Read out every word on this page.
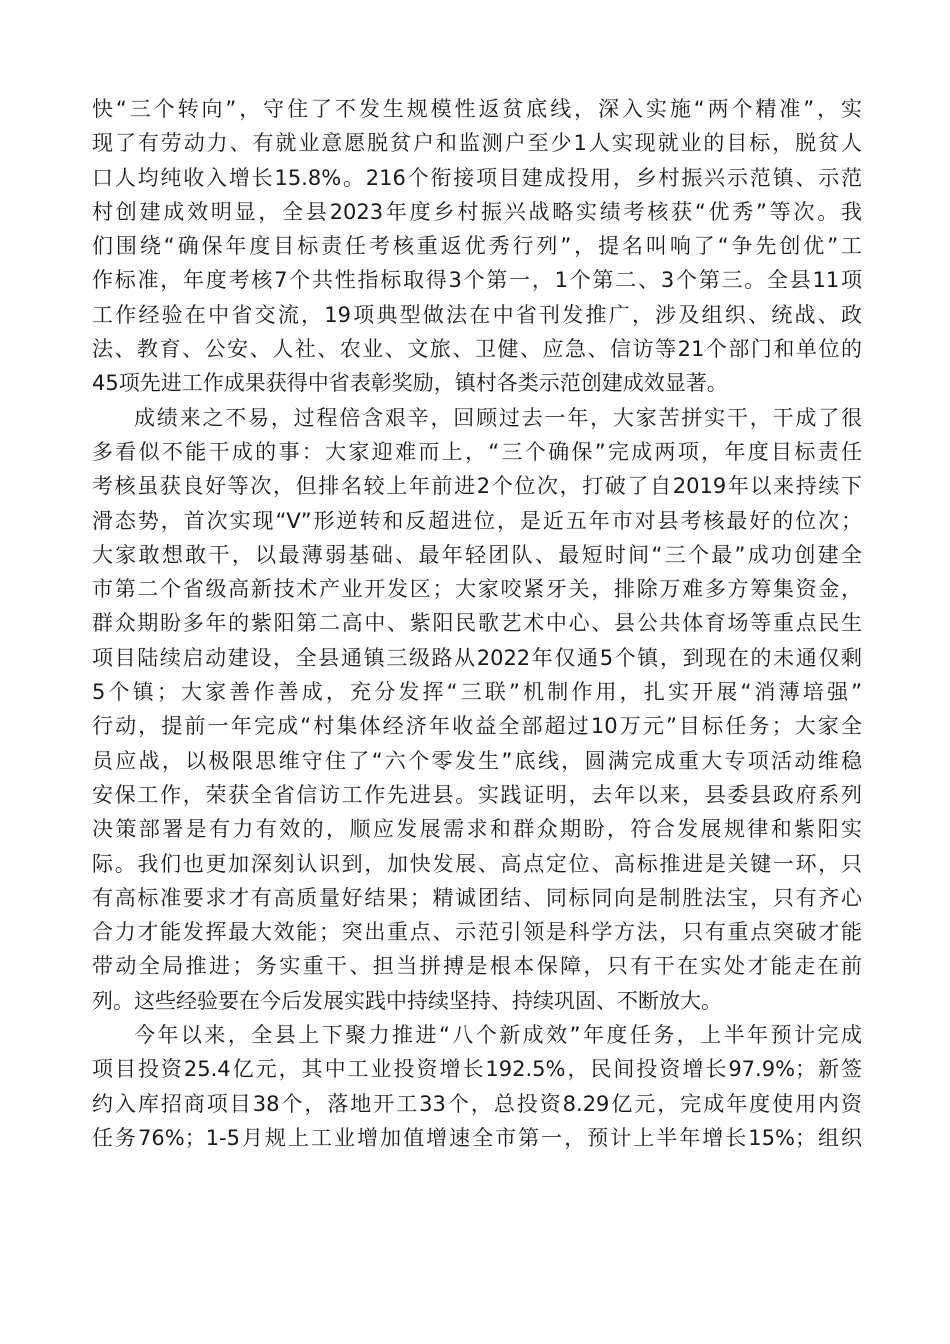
快“三个转向”，守住了不发生规模性返贫底线，深入实施“两个精准”，实
现了有劳动力、有就业意愿脱贫户和监测户至少1人实现就业的目标，脱贫人
口人均纯收入增长15.8%。216个衔接项目建成投用，乡村振兴示范镇、示范
村创建成效明显，全县2023年度乡村振兴战略实绩考核获“优秀”等次。我
们围绕“确保年度目标责任考核重返优秀行列”，提名叫响了“争先创优”工
作标准，年度考核7个共性指标取得3个第一，1个第二、3个第三。全县11项
工作经验在中省交流，19项典型做法在中省刊发推广，涉及组织、统战、政
法、教育、公安、人社、农业、文旅、卫健、应急、信访等21个部门和单位的
45项先进工作成果获得中省表彰奖励，镇村各类示范创建成效显著。
成绩来之不易，过程倍含艰辛，回顾过去一年，大家苦拼实干，干成了很
多看似不能干成的事：大家迎难而上，“三个确保”完成两项，年度目标责任
考核虽获良好等次，但排名较上年前进2个位次，打破了自2019年以来持续下
滑态势，首次实现“V”形逆转和反超进位，是近五年市对县考核最好的位次；
大家敢想敢干，以最薄弱基础、最年轻团队、最短时间“三个最”成功创建全
市第二个省级高新技术产业开发区；大家咬紧牙关，排除万难多方筹集资金，
群众期盼多年的紫阳第二高中、紫阳民歌艺术中心、县公共体育场等重点民生
项目陆续启动建设，全县通镇三级路从2022年仅通5个镇，到现在的未通仅剩
5个镇；大家善作善成，充分发挥“三联”机制作用，扎实开展“消薄培强”
行动，提前一年完成“村集体经济年收益全部超过10万元”目标任务；大家全
员应战，以极限思维守住了“六个零发生”底线，圆满完成重大专项活动维稳
安保工作，荣获全省信访工作先进县。实践证明，去年以来，县委县政府系列
决策部署是有力有效的，顺应发展需求和群众期盼，符合发展规律和紫阳实
际。我们也更加深刻认识到，加快发展、高点定位、高标推进是关键一环，只
有高标准要求才有高质量好结果；精诚团结、同标同向是制胜法宝，只有齐心
合力才能发挥最大效能；突出重点、示范引领是科学方法，只有重点突破才能
带动全局推进；务实重干、担当拼搏是根本保障，只有干在实处才能走在前
列。这些经验要在今后发展实践中持续坚持、持续巩固、不断放大。
今年以来，全县上下聚力推进“八个新成效”年度任务，上半年预计完成
项目投资25.4亿元，其中工业投资增长192.5%，民间投资增长97.9%；新签
约入库招商项目38个，落地开工33个，总投资8.29亿元，完成年度使用内资
任务76%；1-5月规上工业增加值增速全市第一，预计上半年增长15%；组织
